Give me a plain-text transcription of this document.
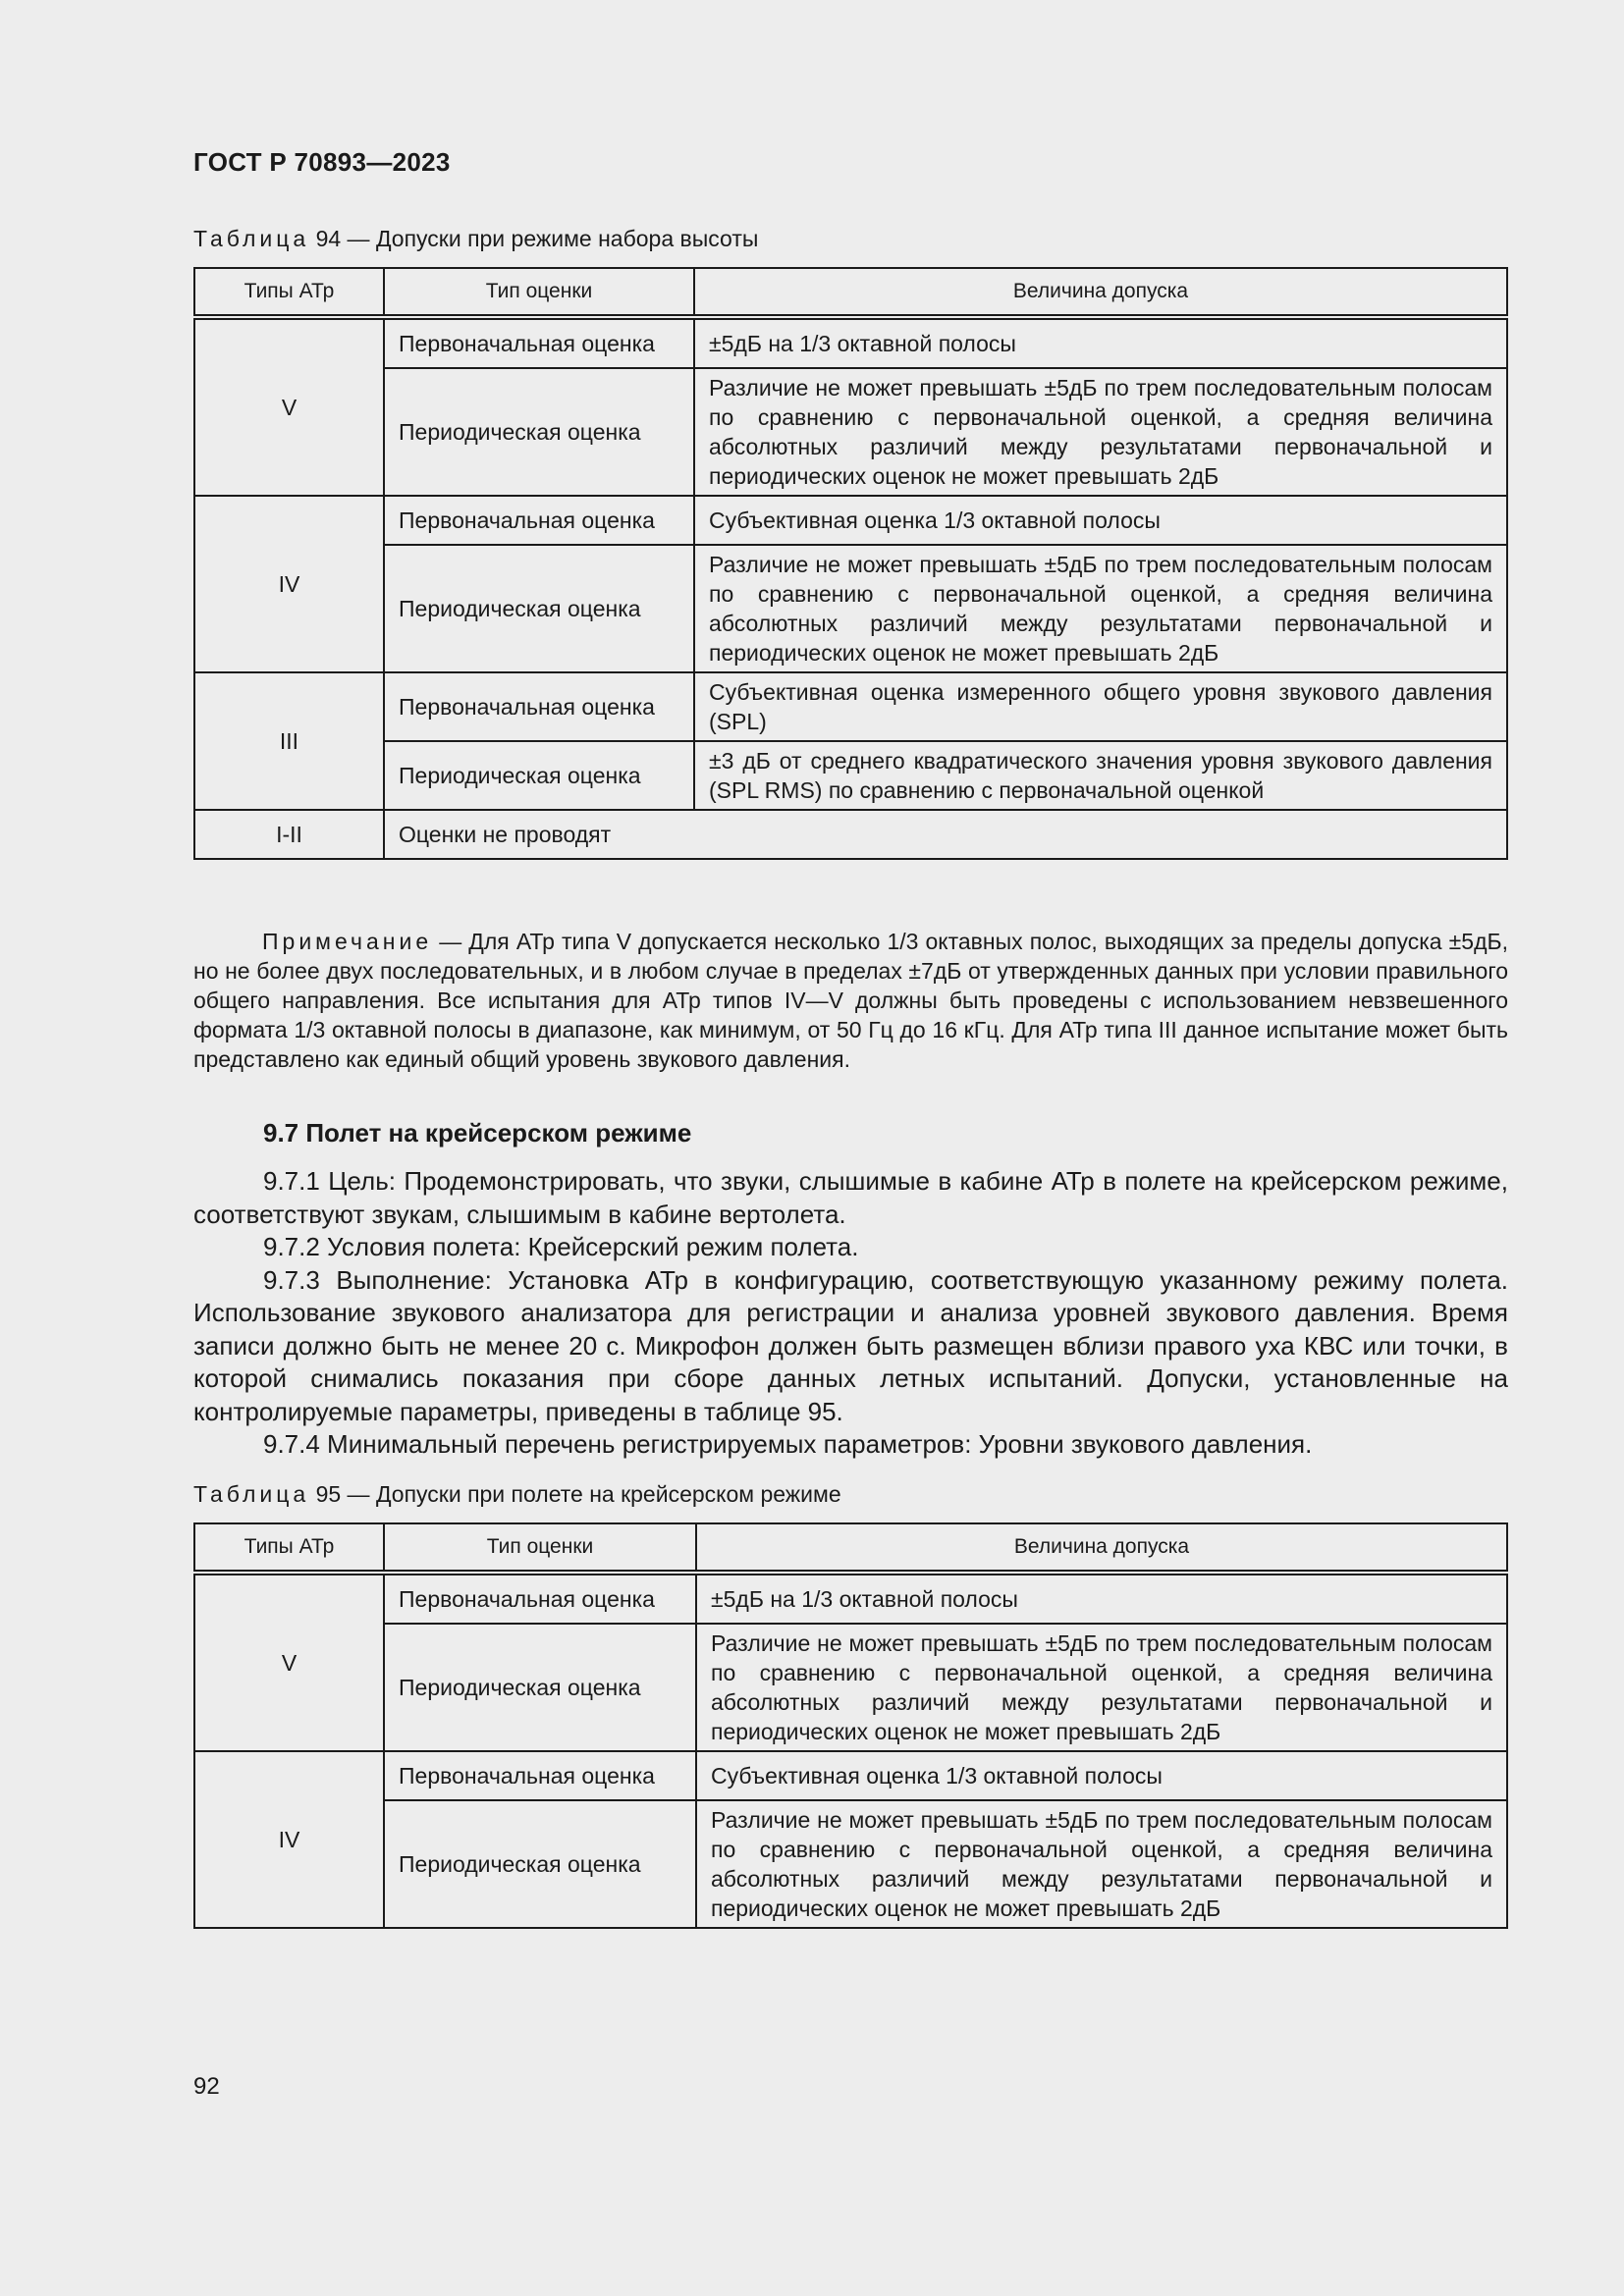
ГОСТ Р 70893—2023
Таблица 94 — Допуски при режиме набора высоты
Типы АТр	Тип оценки	Величина допуска
V	Первоначальная оценка	±5дБ на 1/3 октавной полосы
	Периодическая оценка	Различие не может превышать ±5дБ по трем последовательным полосам по сравнению с первоначальной оценкой, а средняя величина абсолютных различий между результатами первоначальной и периодических оценок не может превышать 2дБ
IV	Первоначальная оценка	Субъективная оценка 1/3 октавной полосы
	Периодическая оценка	Различие не может превышать ±5дБ по трем последовательным полосам по сравнению с первоначальной оценкой, а средняя величина абсолютных различий между результатами первоначальной и периодических оценок не может превышать 2дБ
III	Первоначальная оценка	Субъективная оценка измеренного общего уровня звукового давления (SPL)
	Периодическая оценка	±3 дБ от среднего квадратического значения уровня звукового давления (SPL RMS) по сравнению с первоначальной оценкой
I-II	Оценки не проводят	
Примечание — Для АТр типа V допускается несколько 1/3 октавных полос, выходящих за пределы допуска ±5дБ, но не более двух последовательных, и в любом случае в пределах ±7дБ от утвержденных данных при условии правильного общего направления. Все испытания для АТр типов IV—V должны быть проведены с использованием невзвешенного формата 1/3 октавной полосы в диапазоне, как минимум, от 50 Гц до 16 кГц. Для АТр типа III данное испытание может быть представлено как единый общий уровень звукового давления.
9.7 Полет на крейсерском режиме

9.7.1 Цель: Продемонстрировать, что звуки, слышимые в кабине АТр в полете на крейсерском режиме, соответствуют звукам, слышимым в кабине вертолета.

9.7.2 Условия полета: Крейсерский режим полета.

9.7.3 Выполнение: Установка АТр в конфигурацию, соответствующую указанному режиму полета. Использование звукового анализатора для регистрации и анализа уровней звукового давления. Время записи должно быть не менее 20 с. Микрофон должен быть размещен вблизи правого уха КВС или точки, в которой снимались показания при сборе данных летных испытаний. Допуски, установленные на контролируемые параметры, приведены в таблице 95.

9.7.4 Минимальный перечень регистрируемых параметров: Уровни звукового давления.

Таблица 95 — Допуски при полете на крейсерском режиме
Типы АТр	Тип оценки	Величина допуска
V	Первоначальная оценка	±5дБ на 1/3 октавной полосы
	Периодическая оценка	Различие не может превышать ±5дБ по трем последовательным полосам по сравнению с первоначальной оценкой, а средняя величина абсолютных различий между результатами первоначальной и периодических оценок не может превышать 2дБ
IV	Первоначальная оценка	Субъективная оценка 1/3 октавной полосы
	Периодическая оценка	Различие не может превышать ±5дБ по трем последовательным полосам по сравнению с первоначальной оценкой, а средняя величина абсолютных различий между результатами первоначальной и периодических оценок не может превышать 2дБ
92
